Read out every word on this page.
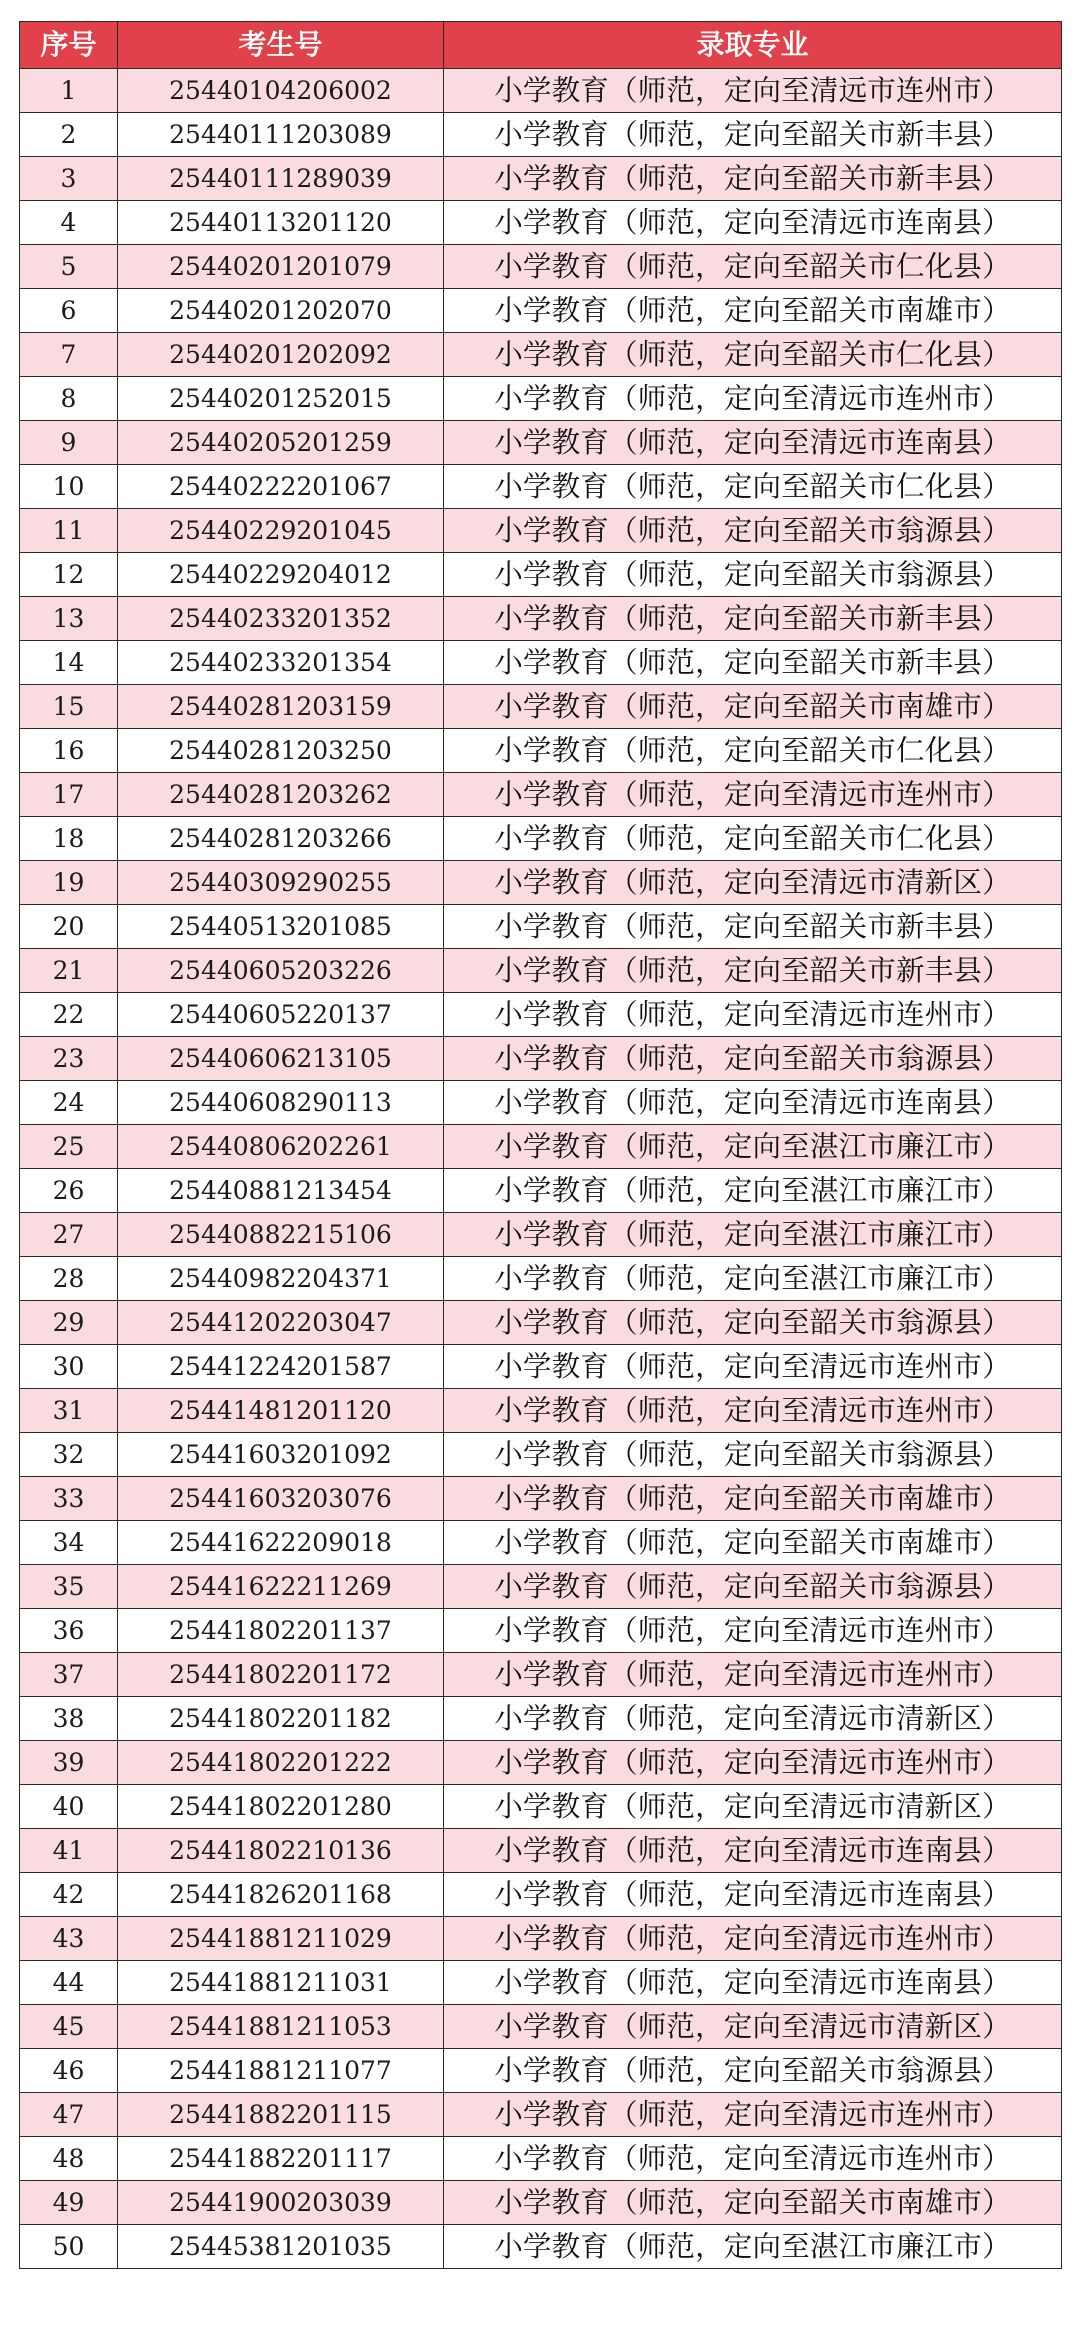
序号	考生号	录取专业
1	25440104206002	小学教育（师范，定向至清远市连州市）
2	25440111203089	小学教育（师范，定向至韶关市新丰县）
3	25440111289039	小学教育（师范，定向至韶关市新丰县）
4	25440113201120	小学教育（师范，定向至清远市连南县）
5	25440201201079	小学教育（师范，定向至韶关市仁化县）
6	25440201202070	小学教育（师范，定向至韶关市南雄市）
7	25440201202092	小学教育（师范，定向至韶关市仁化县）
8	25440201252015	小学教育（师范，定向至清远市连州市）
9	25440205201259	小学教育（师范，定向至清远市连南县）
10	25440222201067	小学教育（师范，定向至韶关市仁化县）
11	25440229201045	小学教育（师范，定向至韶关市翁源县）
12	25440229204012	小学教育（师范，定向至韶关市翁源县）
13	25440233201352	小学教育（师范，定向至韶关市新丰县）
14	25440233201354	小学教育（师范，定向至韶关市新丰县）
15	25440281203159	小学教育（师范，定向至韶关市南雄市）
16	25440281203250	小学教育（师范，定向至韶关市仁化县）
17	25440281203262	小学教育（师范，定向至清远市连州市）
18	25440281203266	小学教育（师范，定向至韶关市仁化县）
19	25440309290255	小学教育（师范，定向至清远市清新区）
20	25440513201085	小学教育（师范，定向至韶关市新丰县）
21	25440605203226	小学教育（师范，定向至韶关市新丰县）
22	25440605220137	小学教育（师范，定向至清远市连州市）
23	25440606213105	小学教育（师范，定向至韶关市翁源县）
24	25440608290113	小学教育（师范，定向至清远市连南县）
25	25440806202261	小学教育（师范，定向至湛江市廉江市）
26	25440881213454	小学教育（师范，定向至湛江市廉江市）
27	25440882215106	小学教育（师范，定向至湛江市廉江市）
28	25440982204371	小学教育（师范，定向至湛江市廉江市）
29	25441202203047	小学教育（师范，定向至韶关市翁源县）
30	25441224201587	小学教育（师范，定向至清远市连州市）
31	25441481201120	小学教育（师范，定向至清远市连州市）
32	25441603201092	小学教育（师范，定向至韶关市翁源县）
33	25441603203076	小学教育（师范，定向至韶关市南雄市）
34	25441622209018	小学教育（师范，定向至韶关市南雄市）
35	25441622211269	小学教育（师范，定向至韶关市翁源县）
36	25441802201137	小学教育（师范，定向至清远市连州市）
37	25441802201172	小学教育（师范，定向至清远市连州市）
38	25441802201182	小学教育（师范，定向至清远市清新区）
39	25441802201222	小学教育（师范，定向至清远市连州市）
40	25441802201280	小学教育（师范，定向至清远市清新区）
41	25441802210136	小学教育（师范，定向至清远市连南县）
42	25441826201168	小学教育（师范，定向至清远市连南县）
43	25441881211029	小学教育（师范，定向至清远市连州市）
44	25441881211031	小学教育（师范，定向至清远市连南县）
45	25441881211053	小学教育（师范，定向至清远市清新区）
46	25441881211077	小学教育（师范，定向至韶关市翁源县）
47	25441882201115	小学教育（师范，定向至清远市连州市）
48	25441882201117	小学教育（师范，定向至清远市连州市）
49	25441900203039	小学教育（师范，定向至韶关市南雄市）
50	25445381201035	小学教育（师范，定向至湛江市廉江市）
